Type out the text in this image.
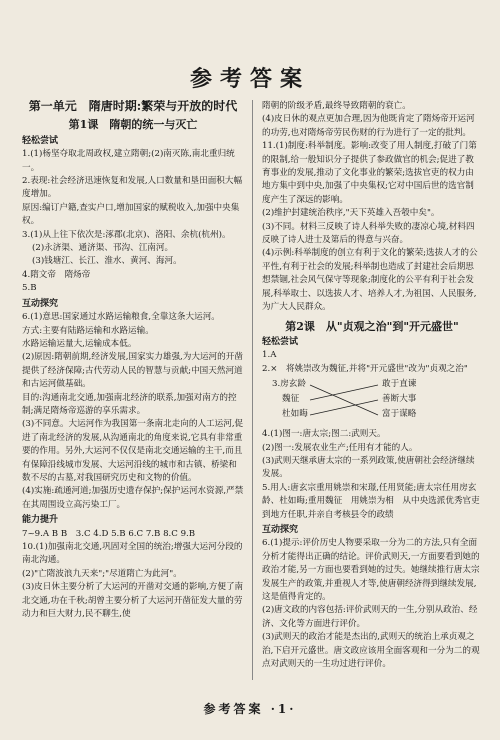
参考答案
第一单元　隋唐时期:繁荣与开放的时代
第1课　隋朝的统一与灭亡
轻松尝试

1.(1)杨坚夺取北周政权,建立隋朝;(2)南灭陈,南北重归统一。

2.表现:社会经济迅速恢复和发展,人口数量和垦田面积大幅度增加。

原因:编订户籍,查实户口,增加国家的赋税收入,加强中央集权。

3.(1)从上往下依次是:涿郡(北京)、洛阳、余杭(杭州)。

(2)永济渠、通济渠、邗沟、江南河。

(3)钱塘江、长江、淮水、黄河、海河。

4.隋文帝　隋炀帝

5.B

互动探究

6.(1)意思:国家通过水路运输粮食,全靠这条大运河。

方式:主要有陆路运输和水路运输。

水路运输运量大,运输成本低。

(2)原因:隋朝前期,经济发展,国家实力雄强,为大运河的开凿提供了经济保障;古代劳动人民的智慧与贡献;中国天然河道和古运河做基础。

目的:沟通南北交通,加强南北经济的联系,加强对南方的控制;满足隋炀帝巡游的享乐需求。

(3)不同意。大运河作为我国第一条南北走向的人工运河,促进了南北经济的发展,从沟通南北的角度来说,它具有非常重要的作用。另外,大运河不仅仅是南北交通运输的主干,而且有保障沿线城市发展、大运河沿线的城市和古镇、桥梁和数不尽的古墓,对我国研究历史和文物的价值。

(4)实施:疏通河道;加强历史遗存保护;保护运河水资源,严禁在其周围设立高污染工厂。

能力提升

7~9.A B B　3.C 4.D 5.B 6.C 7.B 8.C 9.B

10.(1)加强南北交通,巩固对全国的统治;增强大运河分段的南北沟通。

(2)"亡隋波浪九天来";"尽道隋亡为此河"。

(3)皮日休主要分析了大运河的开凿对交通的影响,方便了南北交通,功在千秋;胡曾主要分析了大运河开凿征发大量的劳动力和巨大财力,民不聊生,使

隋朝的阶级矛盾,最终导致隋朝的衰亡。

(4)皮日休的观点更加合理,因为他既肯定了隋炀帝开运河的功劳,也对隋炀帝劳民伤财的行为进行了一定的批判。

11.(1)制度:科举制度。影响:改变了用人制度,打破了门第的限制,给一般知识分子提供了参政做官的机会;促进了教育事业的发展,推动了文化事业的繁荣;选拔官吏的权力由地方集中到中央,加强了中央集权;它对中国后世的选官制度产生了深远的影响。

(2)维护封建统治秩序,"天下英雄入吾彀中矣"。

(3)不同。材料三反映了诗人科举失败的凄凉心境,材料四反映了诗人进士及第后的得意与兴奋。

(4)示例:科举制度的创立有利于文化的繁荣;选拔人才的公平性,有利于社会的发展;科举制也造成了封建社会后期思想禁锢,社会风气保守等现象;制度化的公平有利于社会发展,科举取士、以选拔人才、培养人才,为祖国、人民服务,为广大人民群众。

第2课　从"贞观之治"到"开元盛世"
轻松尝试

1.A

2.×　将姚崇改为魏征,并将"开元盛世"改为"贞观之治"

3.房玄龄
魏征
杜如晦
敢于直谏
善断大事
富于谋略

4.(1)图一:唐太宗;图二:武则天。

(2)图一:发展农业生产;任用有才能的人。

(3)武则天继承唐太宗的一系列政策,使唐朝社会经济继续发展。

5.用人:唐玄宗重用姚崇和宋璟,任用贤能;唐太宗任用房玄龄、杜如晦;重用魏征　用姚崇为相　从中央选派优秀官吏到地方任职,并亲自考核县令的政绩

互动探究

6.(1)提示:评价历史人物要采取一分为二的方法,只有全面分析才能得出正确的结论。评价武则天,一方面要看到她的政治才能,另一方面也要看到她的过失。她继续推行唐太宗发展生产的政策,并重视人才等,使唐朝经济得到继续发展,这是值得肯定的。

(2)唐文政的内容包括:评价武则天的一生,分别从政治、经济、文化等方面进行评价。

(3)武则天的政治才能是杰出的,武则天的统治上承贞观之治,下启开元盛世。唐文政应该用全面客观和一分为二的观点对武则天的一生功过进行评价。

参考答案 ·1·
